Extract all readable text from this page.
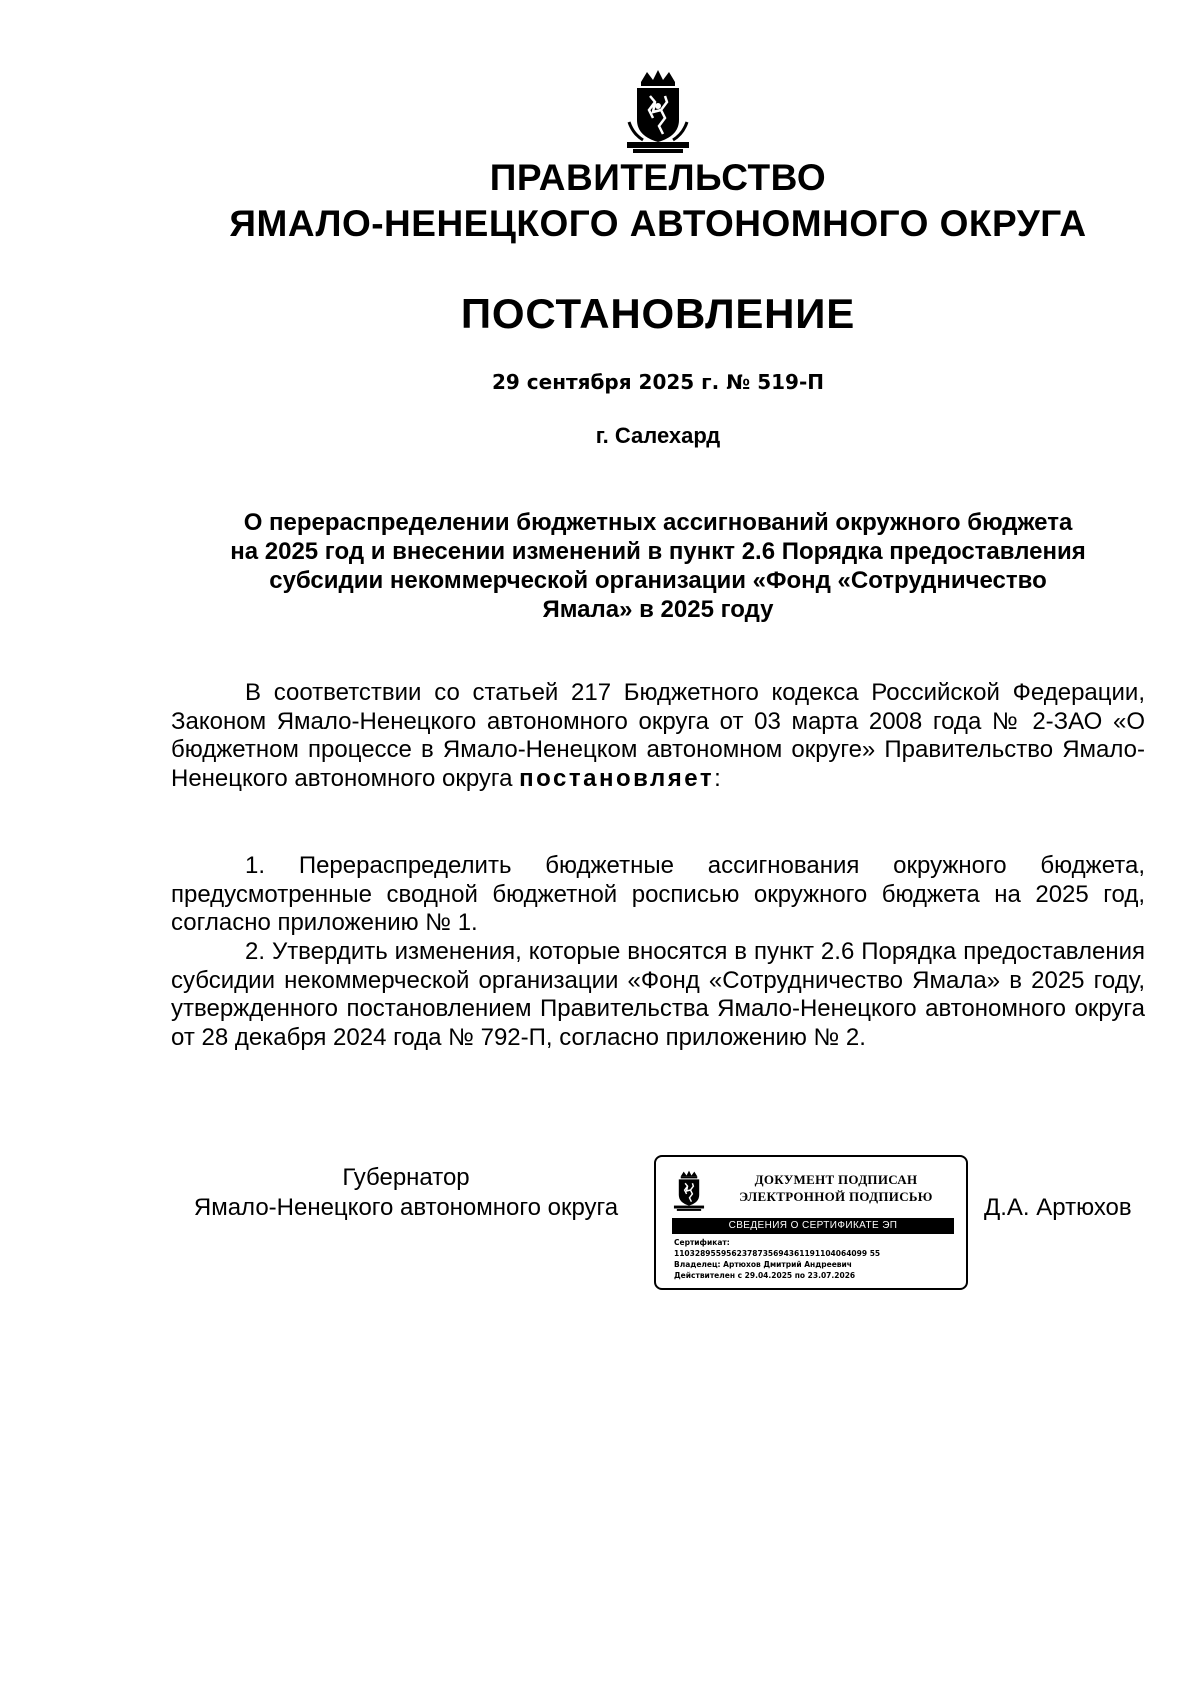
ПРАВИТЕЛЬСТВО
ЯМАЛО-НЕНЕЦКОГО АВТОНОМНОГО ОКРУГА
ПОСТАНОВЛЕНИЕ
29 сентября 2025 г. № 519-П
г. Салехард
О перераспределении бюджетных ассигнований окружного бюджета
на 2025 год и внесении изменений в пункт 2.6 Порядка предоставления
субсидии некоммерческой организации «Фонд «Сотрудничество
Ямала» в 2025 году
В соответствии со статьей 217 Бюджетного кодекса Российской Федерации, Законом Ямало-Ненецкого автономного округа от 03 марта 2008 года № 2-ЗАО «О бюджетном процессе в Ямало-Ненецком автономном округе» Правительство Ямало-Ненецкого автономного округа постановляет:
1. Перераспределить бюджетные ассигнования окружного бюджета, предусмотренные сводной бюджетной росписью окружного бюджета на 2025 год, согласно приложению № 1.
2. Утвердить изменения, которые вносятся в пункт 2.6 Порядка предоставления субсидии некоммерческой организации «Фонд «Сотрудничество Ямала» в 2025 году, утвержденного постановлением Правительства Ямало-Ненецкого автономного округа от 28 декабря 2024 года № 792-П, согласно приложению № 2.
Губернатор
Ямало-Ненецкого автономного округа
ДОКУМЕНТ ПОДПИСАН
ЭЛЕКТРОННОЙ ПОДПИСЬЮ
СВЕДЕНИЯ О СЕРТИФИКАТЕ ЭП
Сертификат:
1103289559562378735694361191104064099 55
Владелец: Артюхов Дмитрий Андреевич
Действителен с 29.04.2025 по 23.07.2026
Д.А. Артюхов
